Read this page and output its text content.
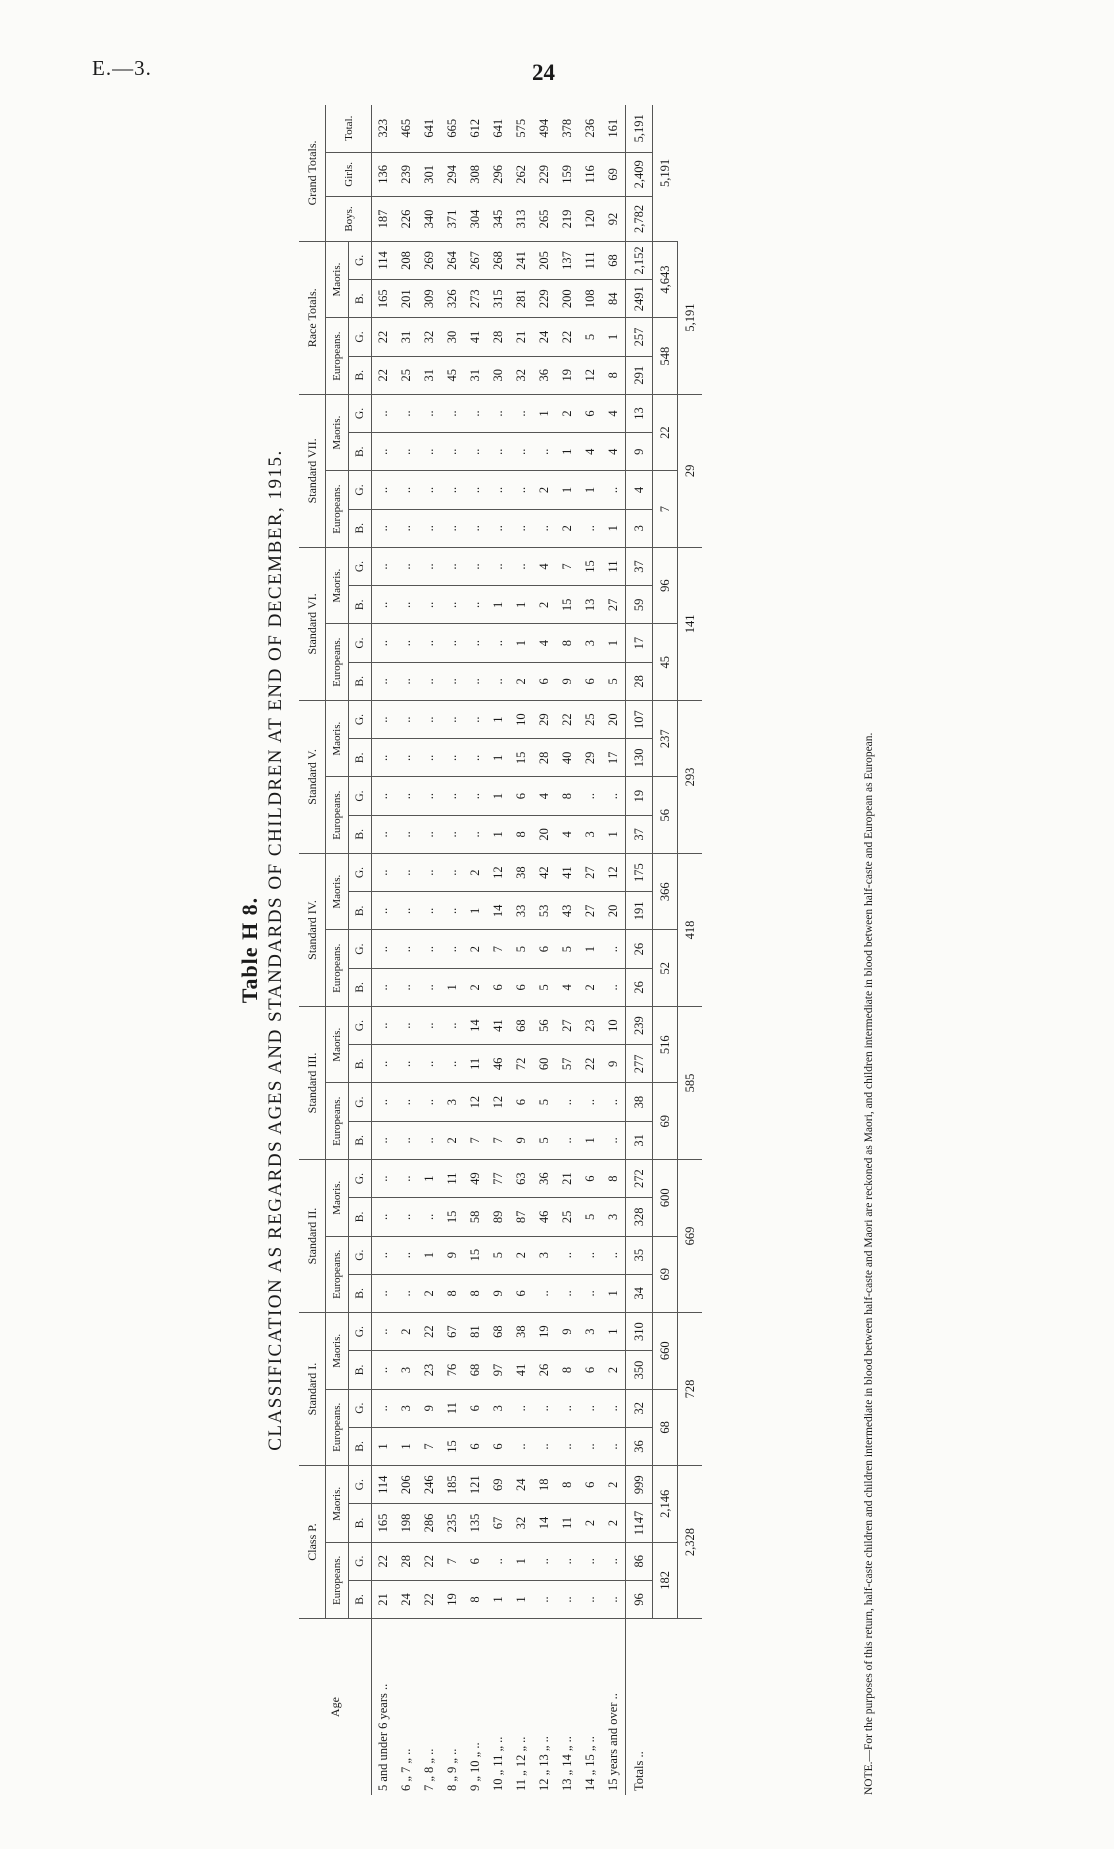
E.—3.	24
Table H 8. CLASSIFICATION AS REGARDS AGES AND STANDARDS OF CHILDREN AT END OF DECEMBER, 1915.
Age	Class P.				Standard I.				Standard II.				Standard III.				Standard IV.				Standard V.				Standard VI.				Standard VII.				Race Totals.				Grand Totals.		
	Europeans.		Maoris.		Europeans.		Maoris.		Europeans.		Maoris.		Europeans.		Maoris.		Europeans.		Maoris.		Europeans.		Maoris.		Europeans.		Maoris.		Europeans.		Maoris.		Europeans.		Maoris.		Boys.	Girls.	Total.
	B.	G.	B.	G.	B.	G.	B.	G.	B.	G.	B.	G.	B.	G.	B.	G.	B.	G.	B.	G.	B.	G.	B.	G.	B.	G.	B.	G.	B.	G.	B.	G.	B.	G.	B.	G.			
5 and under 6 years ..	21	22	165	114	1	..	..	..	..	..	..	..	..	..	..	..	..	..	..	..	..	..	..	..	..	..	..	..	..	..	..	..	22	22	165	114	187	136	323
6 „ 7 „ ..	24	28	198	206	1	3	3	2	..	..	..	..	..	..	..	..	..	..	..	..	..	..	..	..	..	..	..	..	..	..	..	..	25	31	201	208	226	239	465
7 „ 8 „ ..	22	22	286	246	7	9	23	22	2	1	..	1	..	..	..	..	..	..	..	..	..	..	..	..	..	..	..	..	..	..	..	..	31	32	309	269	340	301	641
8 „ 9 „ ..	19	7	235	185	15	11	76	67	8	9	15	11	2	3	..	..	1	..	..	..	..	..	..	..	..	..	..	..	..	..	..	..	45	30	326	264	371	294	665
9 „ 10 „ ..	8	6	135	121	6	6	68	81	8	15	58	49	7	12	11	14	2	2	1	2	..	..	..	..	..	..	..	..	..	..	..	..	31	41	273	267	304	308	612
10 „ 11 „ ..	1	..	67	69	6	3	97	68	9	5	89	77	7	12	46	41	6	7	14	12	1	1	1	1	..	..	1	..	..	..	..	..	30	28	315	268	345	296	641
11 „ 12 „ ..	1	1	32	24	..	..	41	38	6	2	87	63	9	6	72	68	6	5	33	38	8	6	15	10	2	1	1	..	..	..	..	..	32	21	281	241	313	262	575
12 „ 13 „ ..	..	..	14	18	..	..	26	19	..	3	46	36	5	5	60	56	5	6	53	42	20	4	28	29	6	4	2	4	..	2	..	1	36	24	229	205	265	229	494
13 „ 14 „ ..	..	..	11	8	..	..	8	9	..	..	25	21	..	..	57	27	4	5	43	41	4	8	40	22	9	8	15	7	2	1	1	2	19	22	200	137	219	159	378
14 „ 15 „ ..	..	..	2	6	..	..	6	3	..	..	5	6	1	..	22	23	2	1	27	27	3	..	29	25	6	3	13	15	..	1	4	6	12	5	108	111	120	116	236
15 years and over ..	..	..	2	2	..	..	2	1	1	..	3	8	..	..	9	10	..	..	20	12	1	..	17	20	5	1	27	11	1	..	4	4	8	1	84	68	92	69	161
Totals ..	96	86	1147	999	36	32	350	310	34	35	328	272	31	38	277	239	26	26	191	175	37	19	130	107	28	17	59	37	3	4	9	13	291	257	2491	2,152	2,782	2,409	5,191
	182		2,146		68		660		69		600		69		516		52		366		56		237		45		96		7		22		548		4,643		5,191		
	2,328				728				669				585				418				293				141				29				5,191						
NOTE.—For the purposes of this return, half-caste children and children intermediate in blood between half-caste and Maori are reckoned as Maori, and children intermediate in blood between half-caste and European as European.
